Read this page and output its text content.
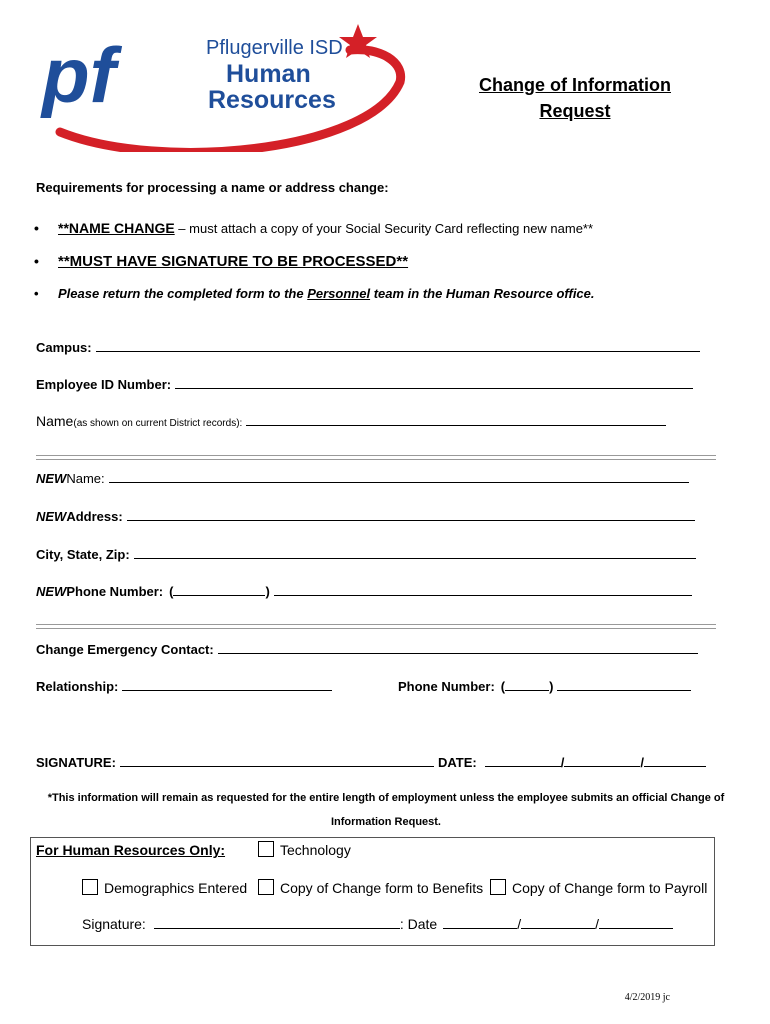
pf	Pflugerville ISD
Human
Resources
Change of Information
Request
Requirements for processing a name or address change:
• **NAME CHANGE – must attach a copy of your Social Security Card reflecting new name**
• **MUST HAVE SIGNATURE TO BE PROCESSED**
• Please return the completed form to the Personnel team in the Human Resource office.
Campus:
Employee ID Number:
Name (as shown on current District records):
NEW Name:
NEW Address:
City, State, Zip:
NEW Phone Number: (	)
Change Emergency Contact:
Relationship:	Phone Number: (	)
SIGNATURE:	DATE:	/	/
*This information will remain as requested for the entire length of employment unless the employee submits an official Change of
Information Request.
For Human Resources Only:	Technology
Demographics Entered	Copy of Change form to Benefits	Copy of Change form to Payroll
Signature:	: Date	/	/
4/2/2019 jc
